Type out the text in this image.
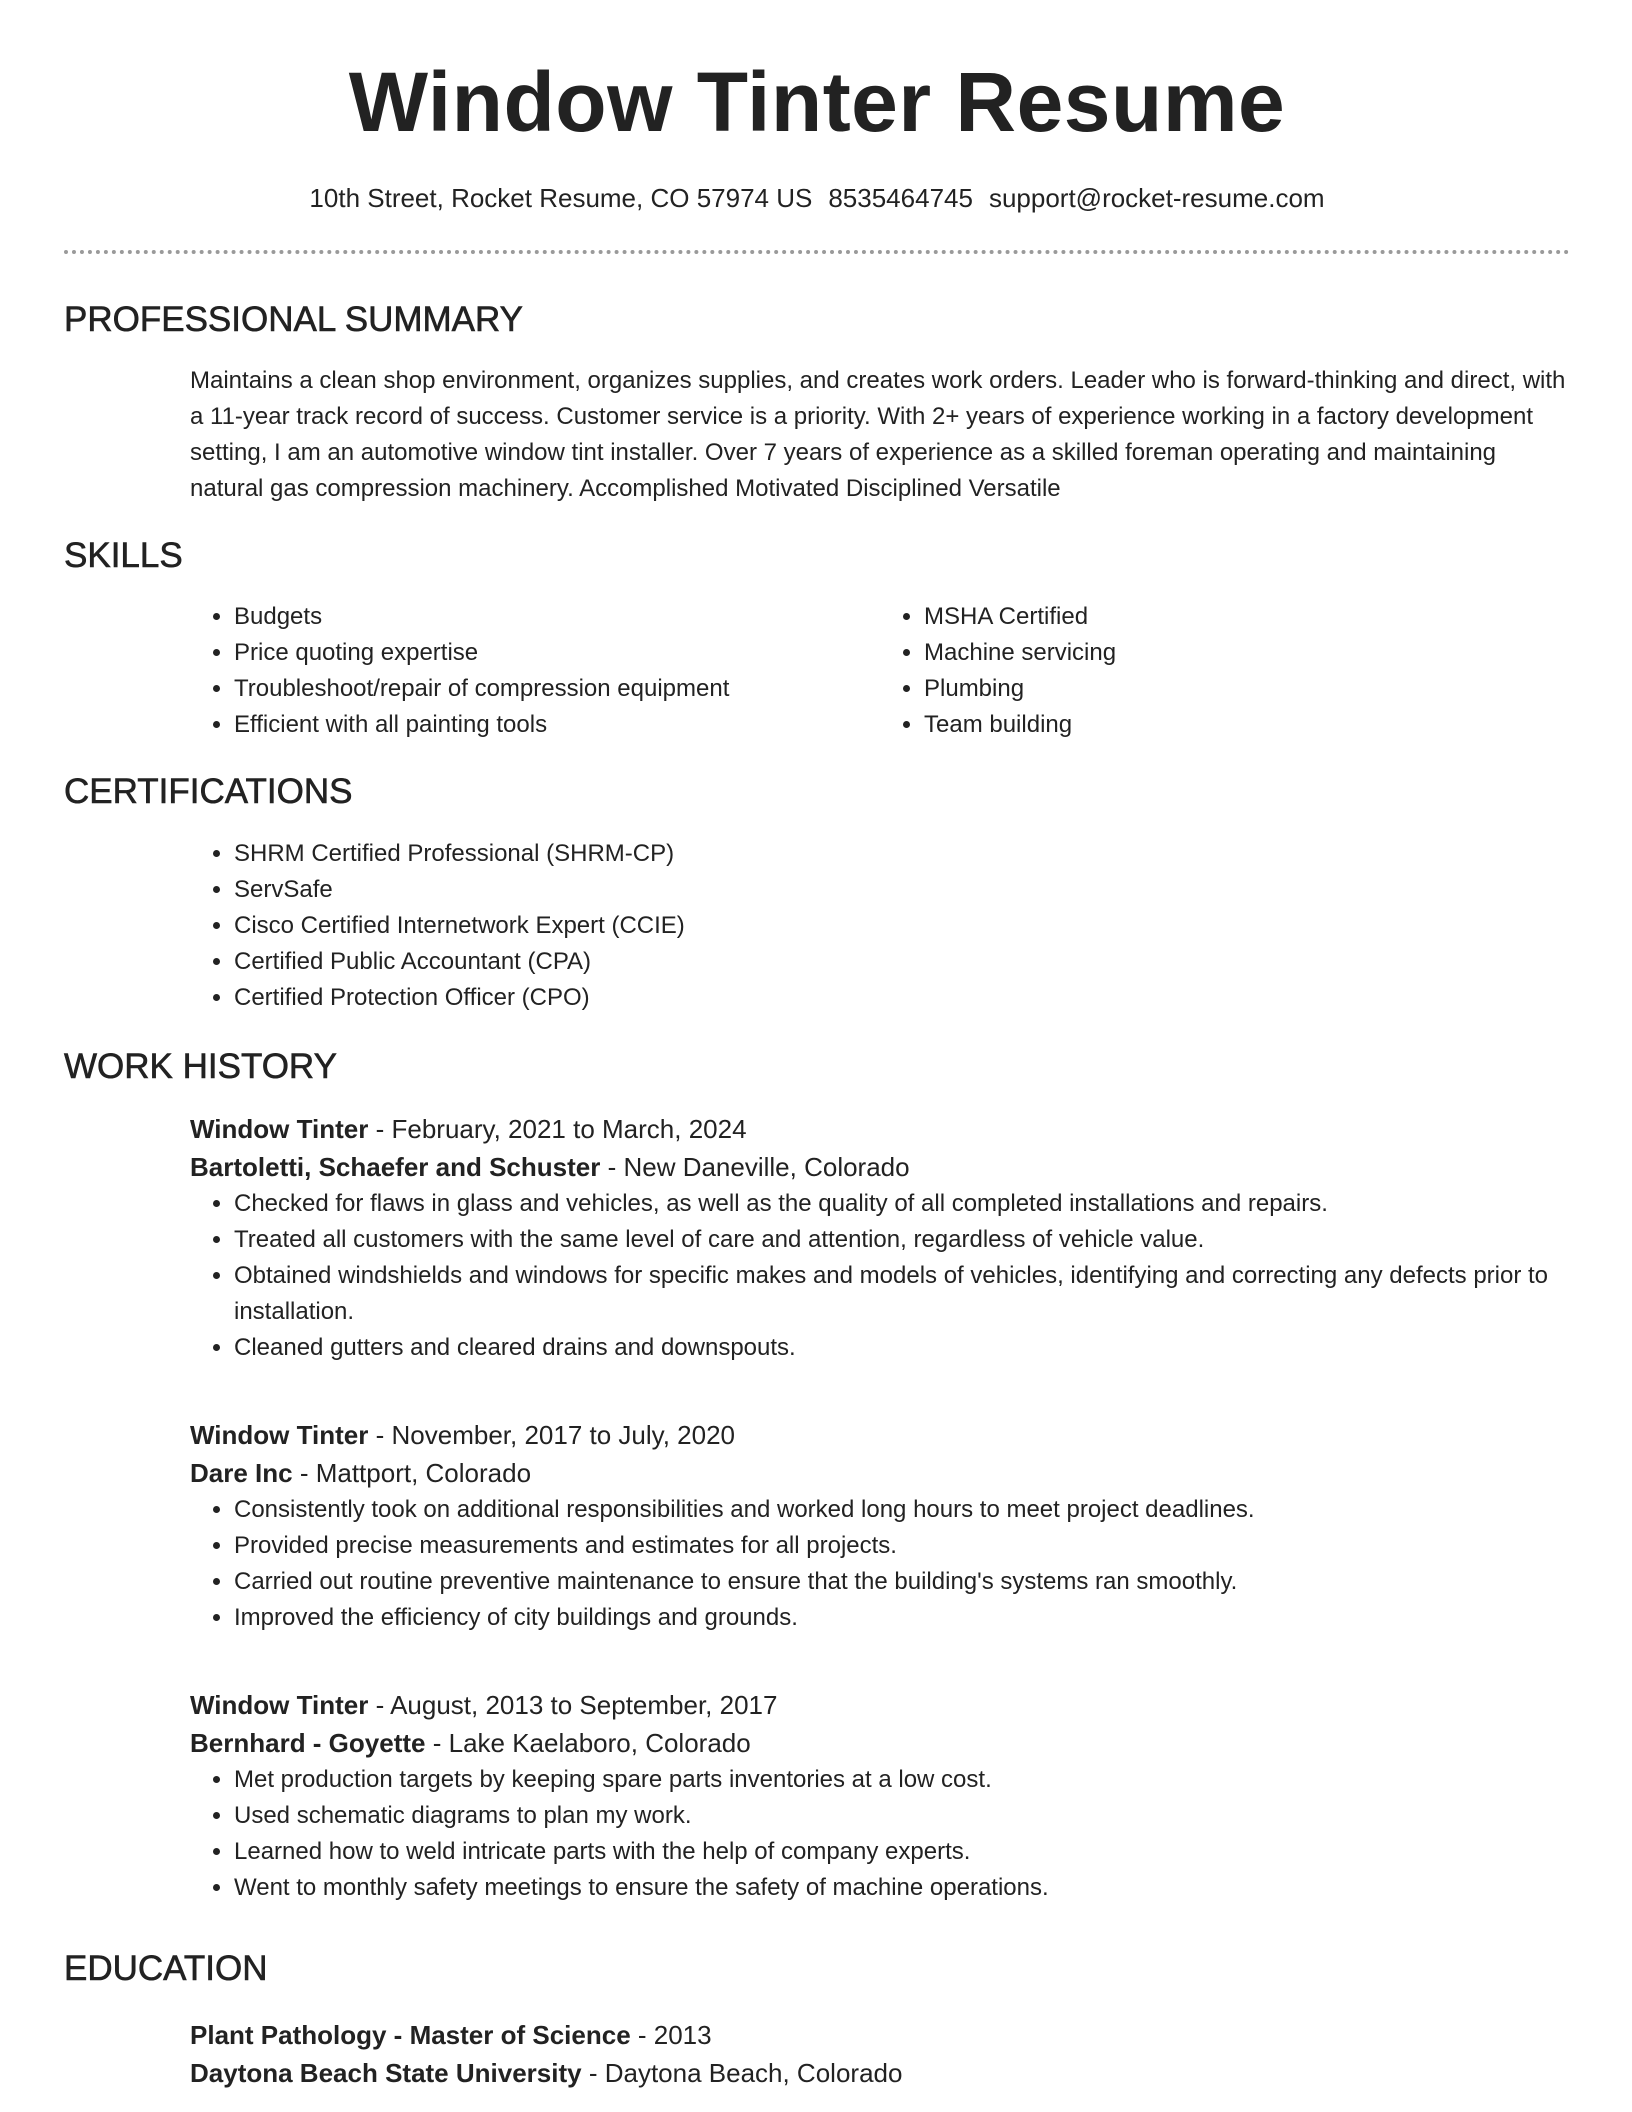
Window Tinter Resume
10th Street, Rocket Resume, CO 57974 US 8535464745 support@rocket-resume.com
PROFESSIONAL SUMMARY

Maintains a clean shop environment, organizes supplies, and creates work orders. Leader who is forward-thinking and direct, with a 11-year track record of success. Customer service is a priority. With 2+ years of experience working in a factory development setting, I am an automotive window tint installer. Over 7 years of experience as a skilled foreman operating and maintaining natural gas compression machinery. Accomplished Motivated Disciplined Versatile

SKILLS
• Budgets
• Price quoting expertise
• Troubleshoot/repair of compression equipment
• Efficient with all painting tools
• MSHA Certified
• Machine servicing
• Plumbing
• Team building
CERTIFICATIONS
• SHRM Certified Professional (SHRM-CP)
• ServSafe
• Cisco Certified Internetwork Expert (CCIE)
• Certified Public Accountant (CPA)
• Certified Protection Officer (CPO)
WORK HISTORY
Window Tinter - February, 2021 to March, 2024
Bartoletti, Schaefer and Schuster - New Daneville, Colorado
• Checked for flaws in glass and vehicles, as well as the quality of all completed installations and repairs.
• Treated all customers with the same level of care and attention, regardless of vehicle value.
• Obtained windshields and windows for specific makes and models of vehicles, identifying and correcting any defects prior to installation.
• Cleaned gutters and cleared drains and downspouts.
Window Tinter - November, 2017 to July, 2020
Dare Inc - Mattport, Colorado
• Consistently took on additional responsibilities and worked long hours to meet project deadlines.
• Provided precise measurements and estimates for all projects.
• Carried out routine preventive maintenance to ensure that the building's systems ran smoothly.
• Improved the efficiency of city buildings and grounds.
Window Tinter - August, 2013 to September, 2017
Bernhard - Goyette - Lake Kaelaboro, Colorado
• Met production targets by keeping spare parts inventories at a low cost.
• Used schematic diagrams to plan my work.
• Learned how to weld intricate parts with the help of company experts.
• Went to monthly safety meetings to ensure the safety of machine operations.
EDUCATION
Plant Pathology - Master of Science - 2013
Daytona Beach State University - Daytona Beach, Colorado
